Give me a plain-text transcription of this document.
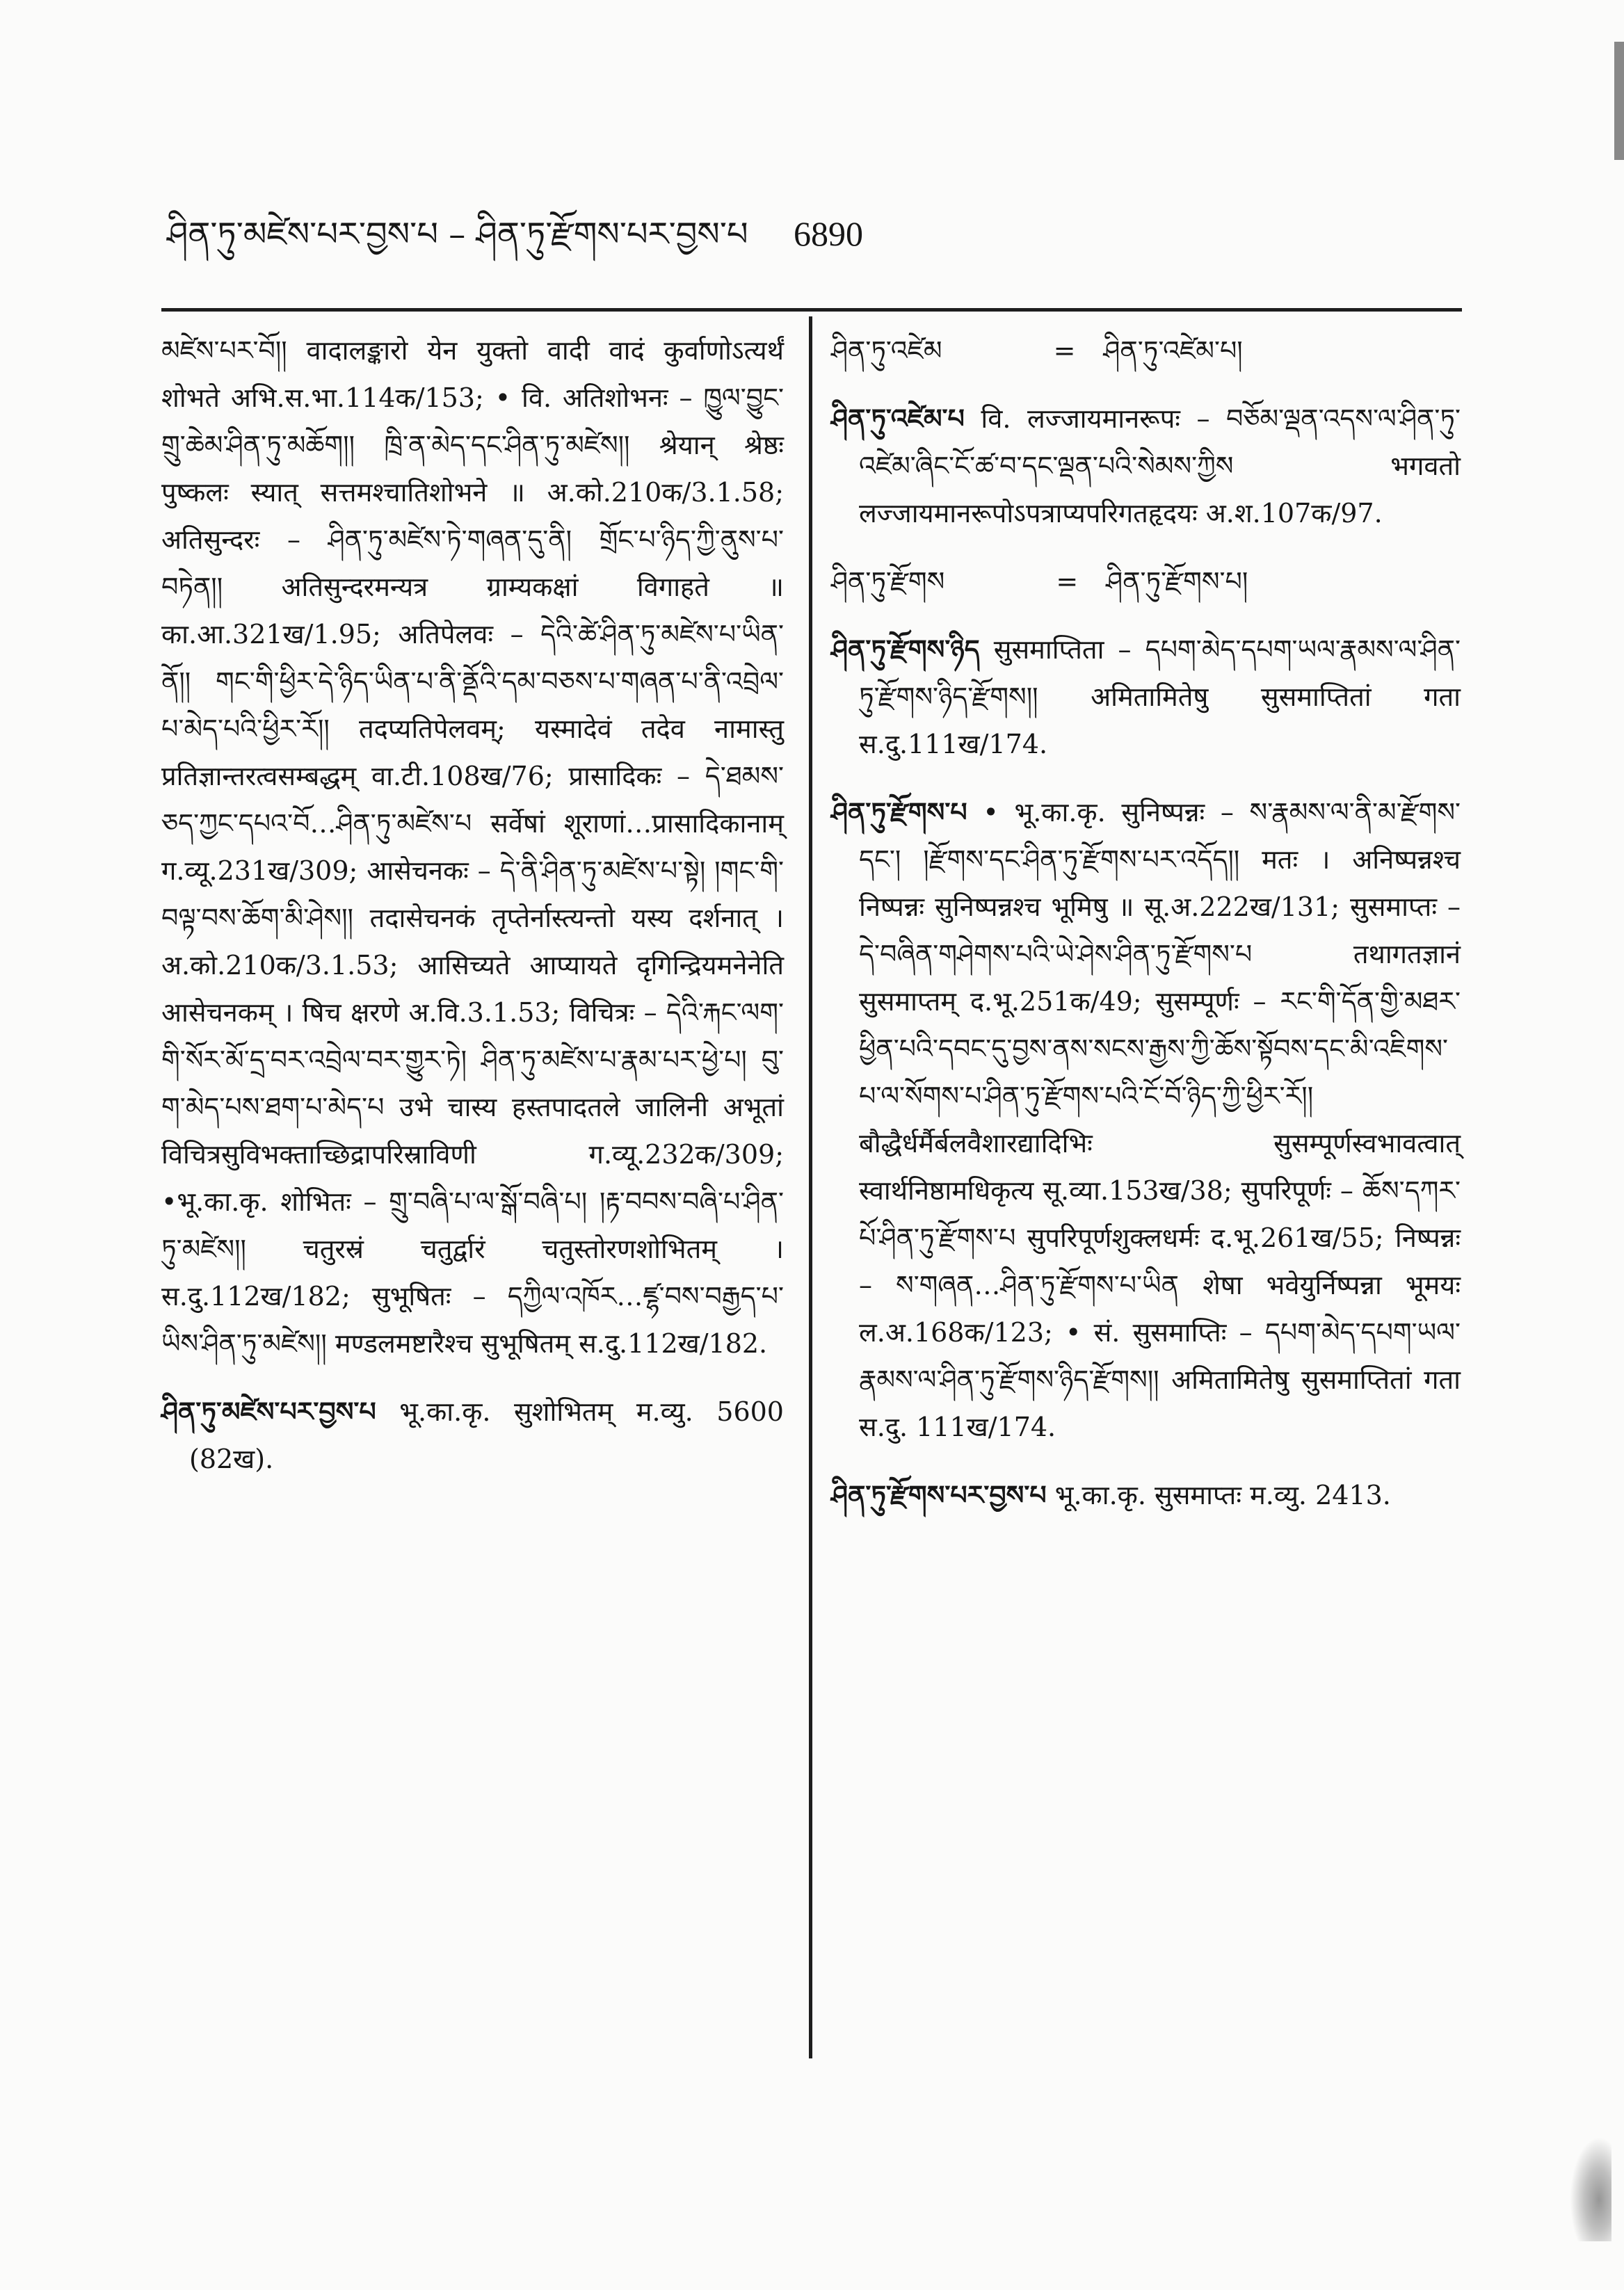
ཤིན་ཏུ་མཛེས་པར་བྱས་པ – ཤིན་ཏུ་རྫོགས་པར་བྱས་པ 6890

མཛེས་པར་བོ།། वादालङ्कारो येन युक्तो वादी वादं कुर्वाणोऽत्यर्थं शोभते अभि.स.भा.114क/153; • वि. अतिशोभनः – ཁྱུལ་བྱུང་གྲུ་ཆེམ་ཤིན་ཏུ་མཆོག།། ཁྲི་ན་མེད་དང་ཤིན་ཏུ་མཛེས།། श्रेयान् श्रेष्ठः पुष्कलः स्यात् सत्तमश्चातिशोभने ॥ अ.को.210क/3.1.58; अतिसुन्दरः – ཤིན་ཏུ་མཛེས་ཏེ་གཞན་དུ་ནི། གྲོང་པ་ཉིད་ཀྱི་ནུས་པ་བཏེན།། अतिसुन्दरमन्यत्र ग्राम्यकक्षां विगाहते ॥ का.आ.321ख/1.95; अतिपेलवः – དེའི་ཚེ་ཤིན་ཏུ་མཛེས་པ་ཡིན་ནོ།། གང་གི་ཕྱིར་དེ་ཉིད་ཡིན་པ་ནི་ནྡོའི་དམ་བཅས་པ་གཞན་པ་ནི་འབྲེལ་པ་མེད་པའི་ཕྱིར་རོ།། तदप्यतिपेलवम्; यस्मादेवं तदेव नामास्तु प्रतिज्ञान्तरत्वसम्बद्धम् वा.टी.108ख/76; प्रासादिकः – དེ་ཐམས་ཅད་ཀྱང་དཔའ་བོ…ཤིན་ཏུ་མཛེས་པ सर्वेषां शूराणां…प्रासादिकानाम् ग.व्यू.231ख/309; आसेचनकः – དེ་ནི་ཤིན་ཏུ་མཛེས་པ་སྟེ། །གང་གི་བལྟ་བས་ཆོག་མི་ཤེས།། तदासेचनकं तृप्तेर्नास्त्यन्तो यस्य दर्शनात् । अ.को.210क/3.1.53; आसिच्यते आप्यायते दृगिन्द्रियमनेनेति आसेचनकम् । षिच क्षरणे अ.वि.3.1.53; विचित्रः – དེའི་རྐང་ལག་གི་སོར་མོ་དྲ་བར་འབྲེལ་བར་གྱུར་ཏེ། ཤིན་ཏུ་མཛེས་པ་རྣམ་པར་ཕྱེ་པ། བུ་ག་མེད་པས་ཐག་པ་མེད་པ उभे चास्य हस्तपादतले जालिनी अभूतां विचित्रसुविभक्ताच्छिद्रापरिस्राविणी ग.व्यू.232क/309; •भू.का.कृ. शोभितः – གྲུ་བཞི་པ་ལ་སྒོ་བཞི་པ། །རྟ་བབས་བཞི་པ་ཤིན་ཏུ་མཛེས།། चतुरस्रं चतुर्द्वारं चतुस्तोरणशोभितम् । स.दु.112ख/182; सुभूषितः – དཀྱིལ་འཁོར…ཛྷ་བས་བརྒྱད་པ་ཡིས་ཤིན་ཏུ་མཛེས།། मण्डलमष्टारैश्च सुभूषितम् स.दु.112ख/182.

ཤིན་ཏུ་མཛེས་པར་བྱས་པ भू.का.कृ. सुशोभितम् म.व्यु. 5600 (82ख).
ཤིན་ཏུ་འཛེམ	= ཤིན་ཏུ་འཛེམ་པ།
ཤིན་ཏུ་འཛེམ་པ वि. लज्जायमानरूपः – བཅོམ་ལྡན་འདས་ལ་ཤིན་ཏུ་འཛེམ་ཞིང་ངོ་ཚ་བ་དང་ལྡན་པའི་སེམས་ཀྱིས भगवतो लज्जायमानरूपोऽपत्राप्यपरिगतहृदयः अ.श.107क/97.
ཤིན་ཏུ་རྫོགས	= ཤིན་ཏུ་རྫོགས་པ།
ཤིན་ཏུ་རྫོགས་ཉིད सुसमाप्तिता – དཔག་མེད་དཔག་ཡལ་རྣམས་ལ་ཤིན་ཏུ་རྫོགས་ཉིད་རྫོགས།། अमितामितेषु सुसमाप्तितां गता स.दु.111ख/174.
ཤིན་ཏུ་རྫོགས་པ • भू.का.कृ. सुनिष्पन्नः – ས་རྣམས་ལ་ནི་མ་རྫོགས་དང་། །རྫོགས་དང་ཤིན་ཏུ་རྫོགས་པར་འདོད།། मतः । अनिष्पन्नश्च निष्पन्नः सुनिष्पन्नश्च भूमिषु ॥ सू.अ.222ख/131; सुसमाप्तः – དེ་བཞིན་གཤེགས་པའི་ཡེ་ཤེས་ཤིན་ཏུ་རྫོགས་པ तथागतज्ञानं सुसमाप्तम् द.भू.251क/49; सुसम्पूर्णः – རང་གི་དོན་གྱི་མཐར་ཕྱིན་པའི་དབང་དུ་བྱས་ནས་སངས་རྒྱས་ཀྱི་ཆོས་སྟོབས་དང་མི་འཇིགས་པ་ལ་སོགས་པ་ཤིན་ཏུ་རྫོགས་པའི་ངོ་བོ་ཉིད་ཀྱི་ཕྱིར་རོ།། बौद्धैर्धर्मैर्बलवैशारद्यादिभिः सुसम्पूर्णस्वभावत्वात् स्वार्थनिष्ठामधिकृत्य सू.व्या.153ख/38; सुपरिपूर्णः – ཆོས་དཀར་པོ་ཤིན་ཏུ་རྫོགས་པ सुपरिपूर्णशुक्लधर्मः द.भू.261ख/55; निष्पन्नः – ས་གཞན…ཤིན་ཏུ་རྫོགས་པ་ཡིན शेषा भवेयुर्निष्पन्ना भूमयः ल.अ.168क/123; • सं. सुसमाप्तिः – དཔག་མེད་དཔག་ཡལ་རྣམས་ལ་ཤིན་ཏུ་རྫོགས་ཉིད་རྫོགས།། अमितामितेषु सुसमाप्तितां गता स.दु. 111ख/174.
ཤིན་ཏུ་རྫོགས་པར་བྱས་པ भू.का.कृ. सुसमाप्तः म.व्यु. 2413.
